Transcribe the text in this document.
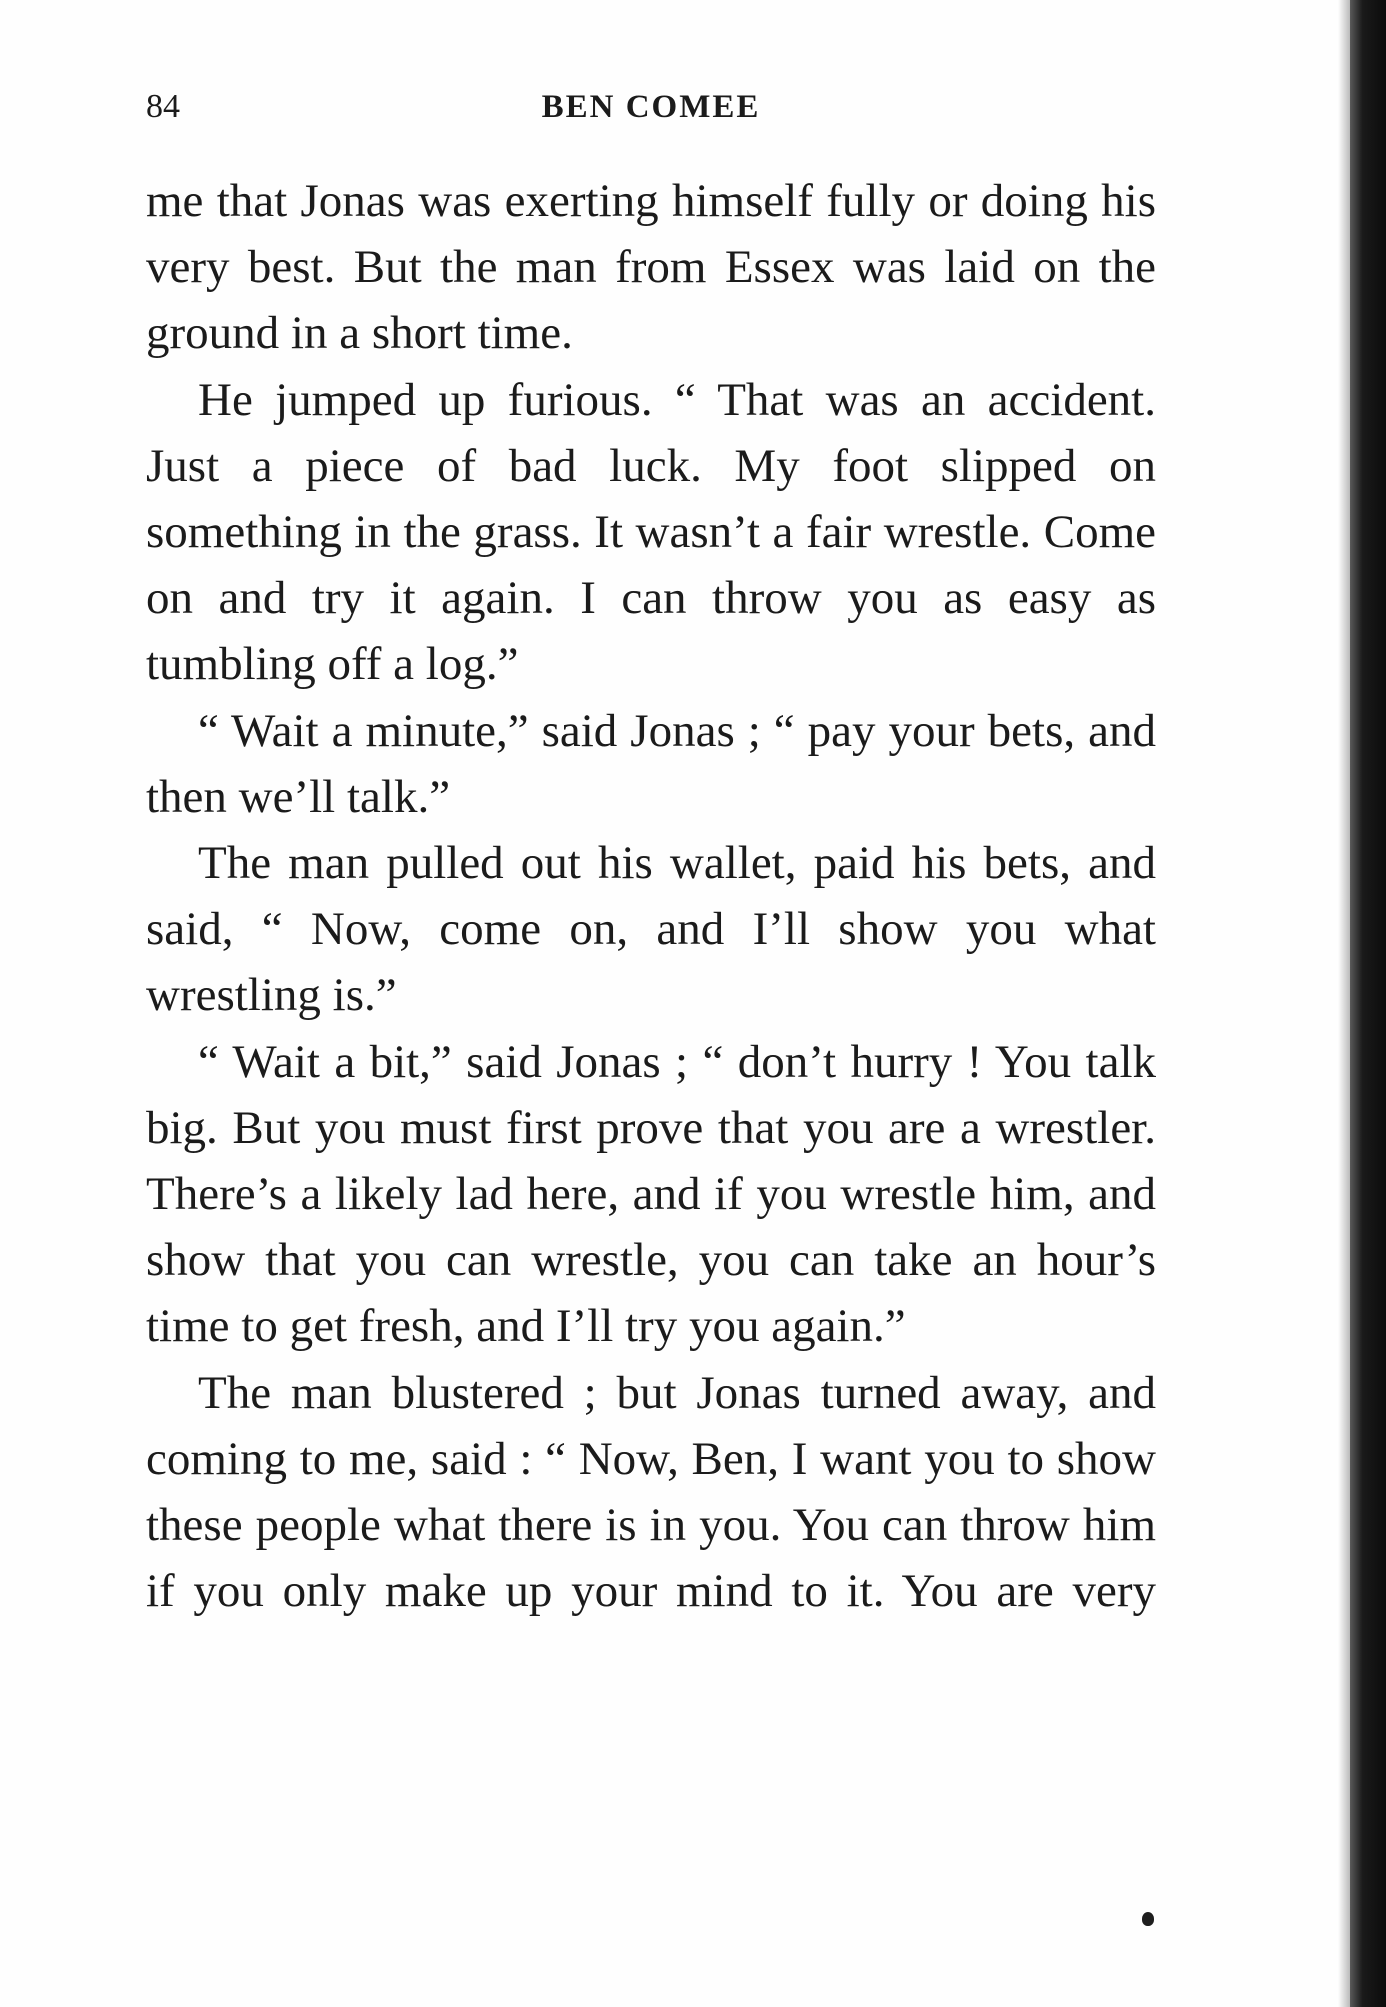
84	BEN COMEE

me that Jonas was exerting himself fully or doing his very best. But the man from Essex was laid on the ground in a short time.

He jumped up furious. “ That was an accident. Just a piece of bad luck. My foot slipped on something in the grass. It wasn’t a fair wrestle. Come on and try it again. I can throw you as easy as tumbling off a log.”

“ Wait a minute,” said Jonas ; “ pay your bets, and then we’ll talk.”

The man pulled out his wallet, paid his bets, and said, “ Now, come on, and I’ll show you what wrestling is.”

“ Wait a bit,” said Jonas ; “ don’t hurry ! You talk big. But you must first prove that you are a wrestler. There’s a likely lad here, and if you wrestle him, and show that you can wrestle, you can take an hour’s time to get fresh, and I’ll try you again.”

The man blustered ; but Jonas turned away, and coming to me, said : “ Now, Ben, I want you to show these people what there is in you. You can throw him if you only make up your mind to it. You are very
